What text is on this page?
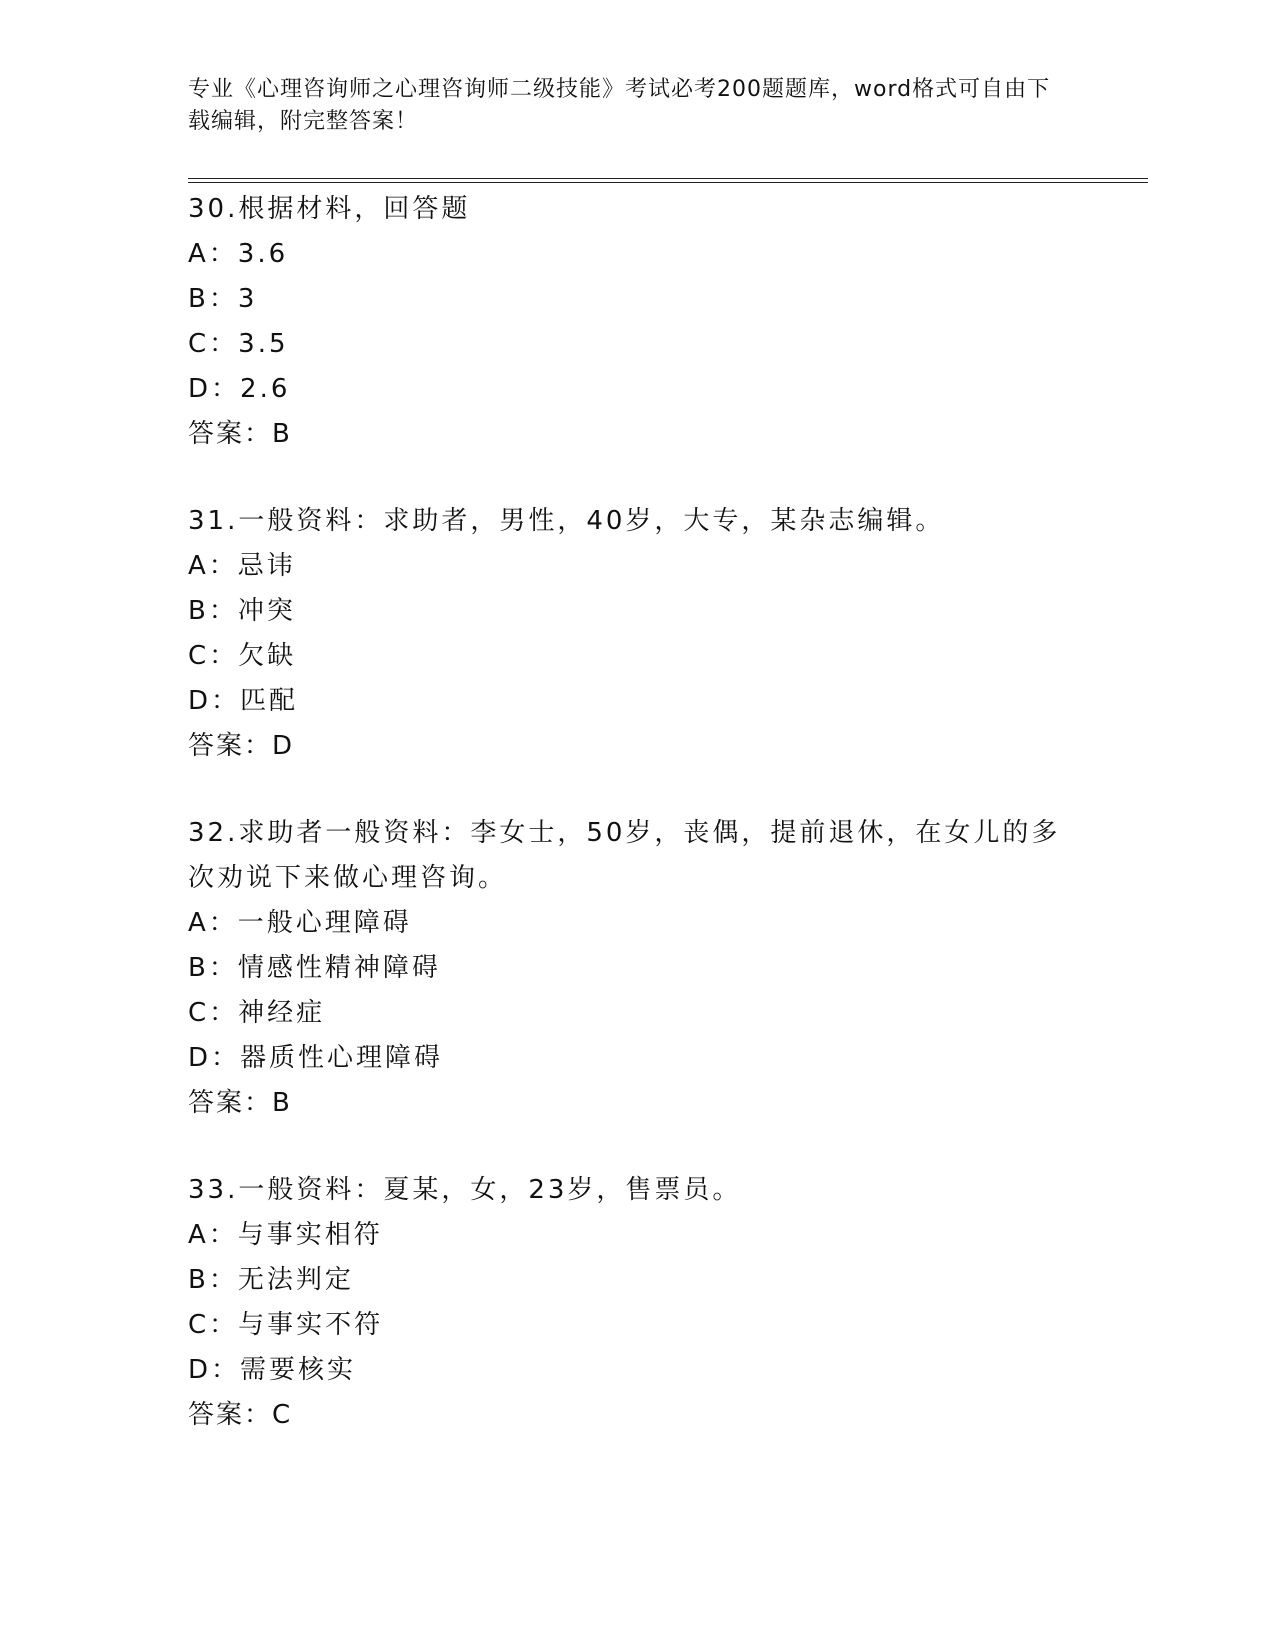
专业《心理咨询师之心理咨询师二级技能》考试必考200题题库，word格式可自由下载编辑，附完整答案！
30.根据材料，回答题
A：3.6
B：3
C：3.5
D：2.6
答案：B
31.一般资料：求助者，男性，40岁，大专，某杂志编辑。
A：忌讳
B：冲突
C：欠缺
D：匹配
答案：D
32.求助者一般资料：李女士，50岁，丧偶，提前退休，在女儿的多次劝说下来做心理咨询。
A：一般心理障碍
B：情感性精神障碍
C：神经症
D：器质性心理障碍
答案：B
33.一般资料：夏某，女，23岁，售票员。
A：与事实相符
B：无法判定
C：与事实不符
D：需要核实
答案：C
